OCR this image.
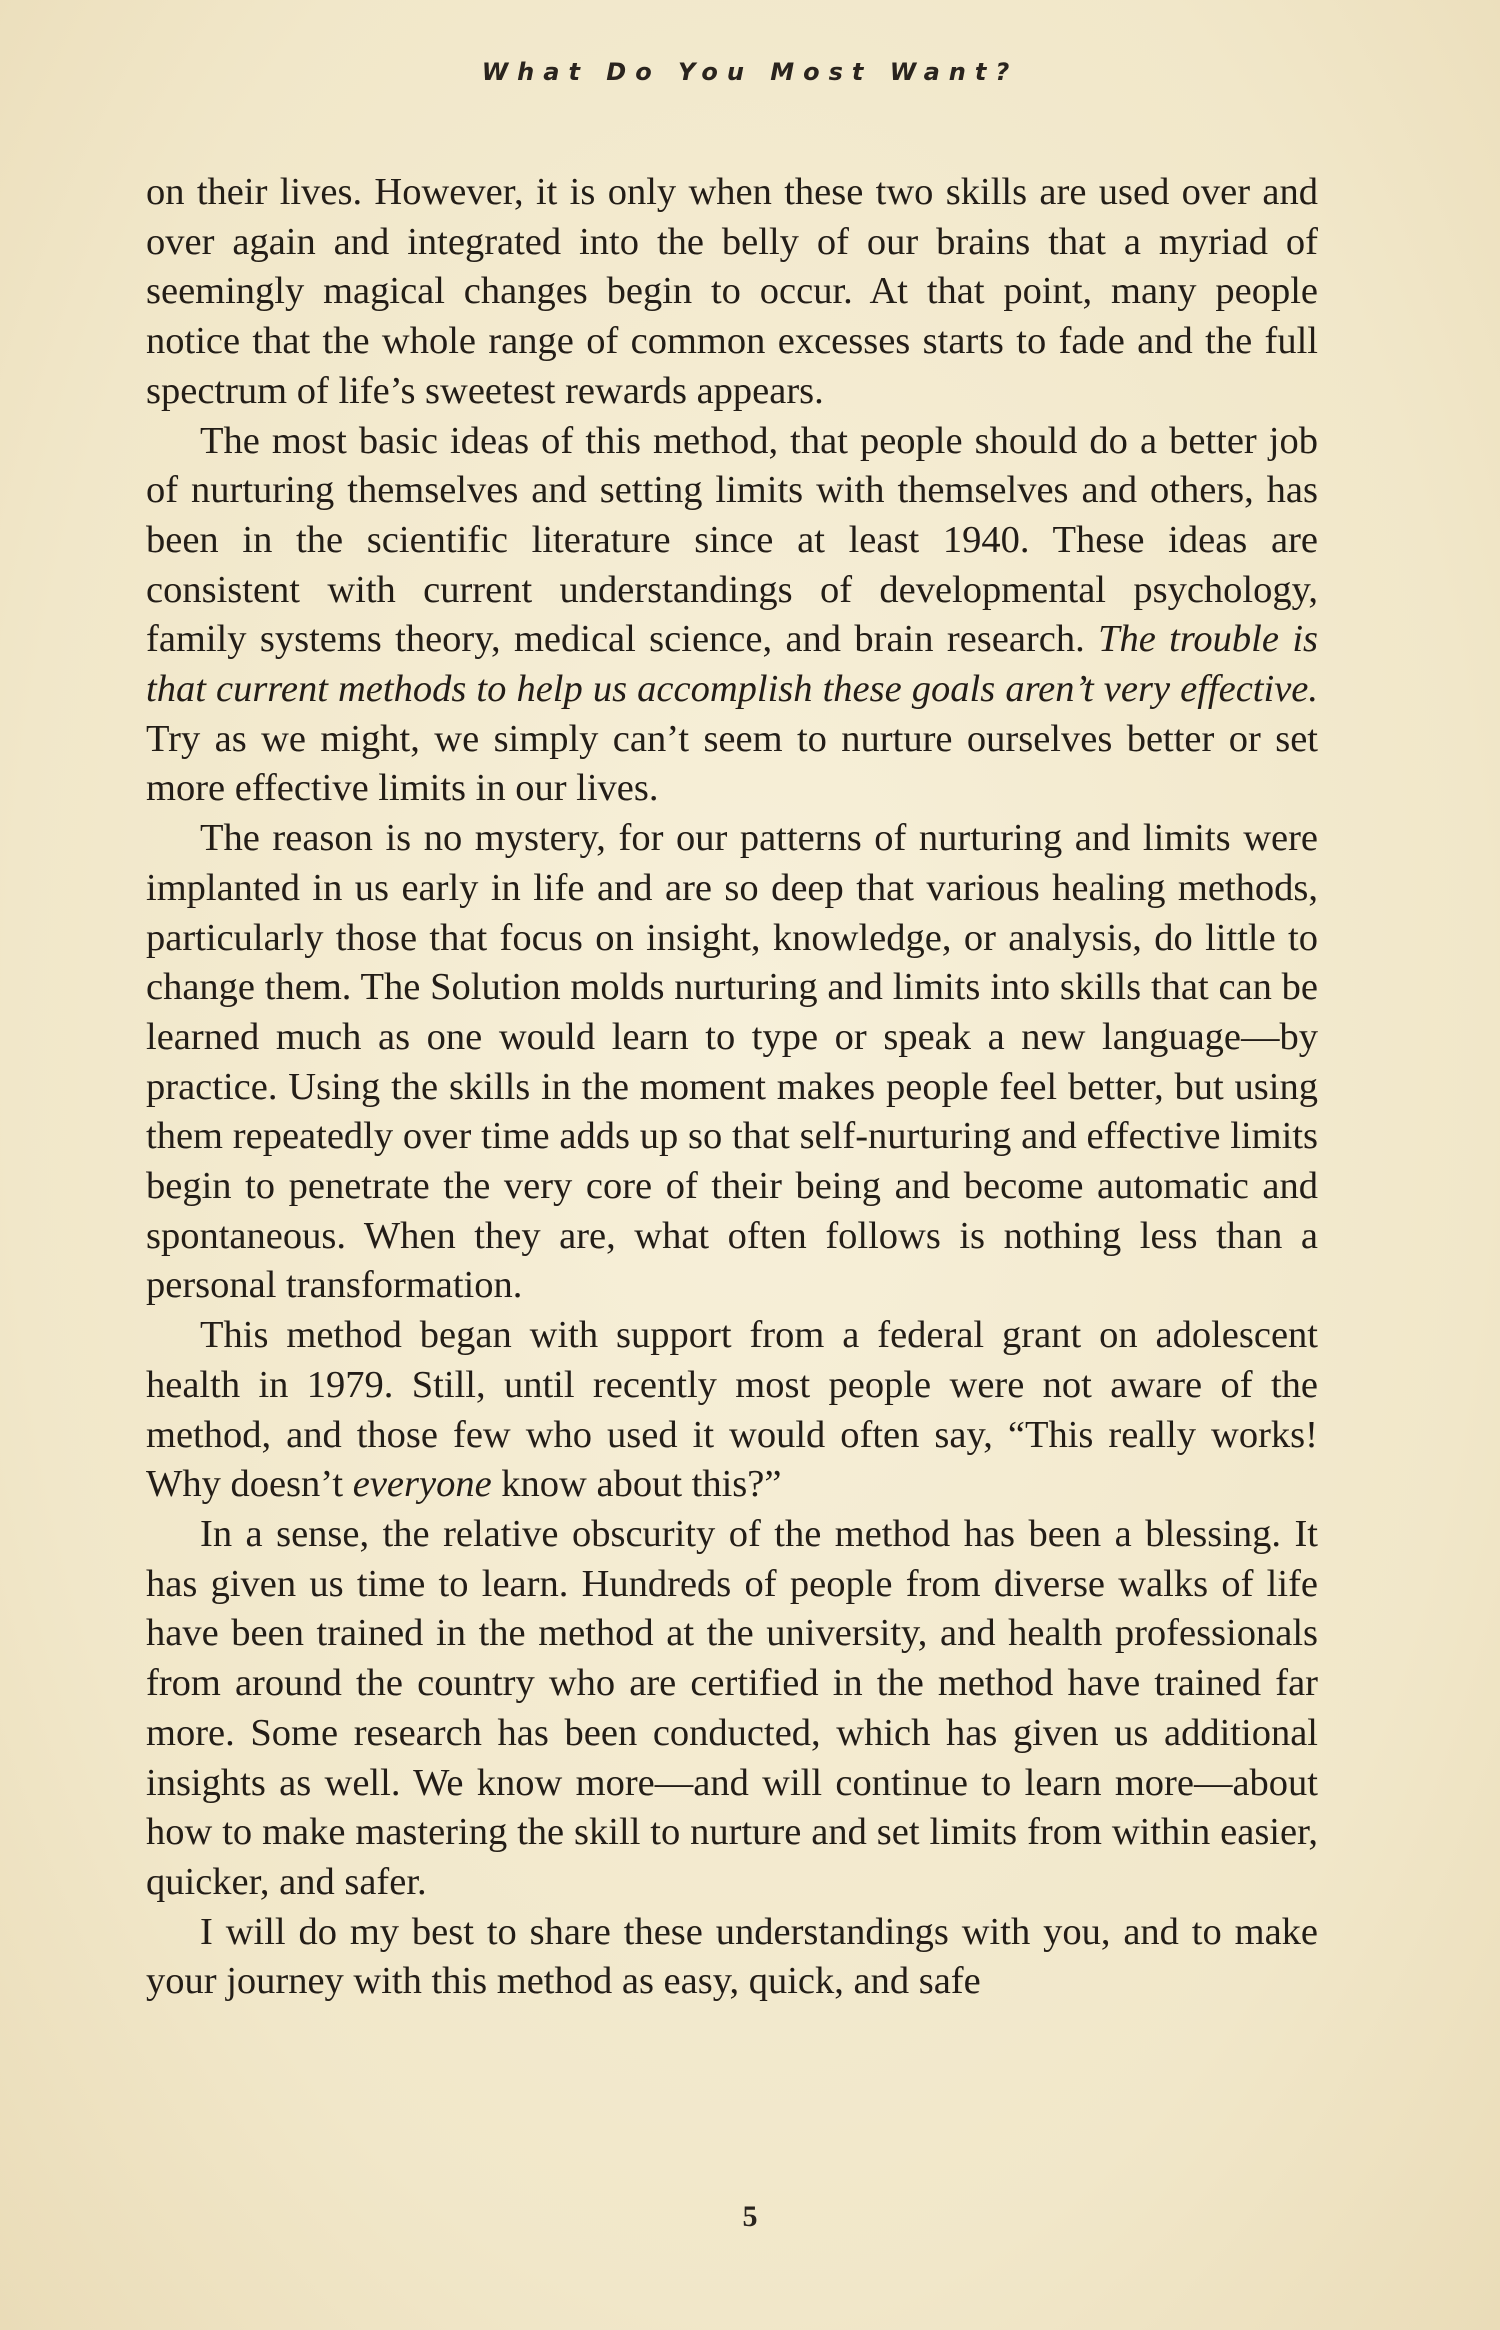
What Do You Most Want?

on their lives. However, it is only when these two skills are used over and over again and integrated into the belly of our brains that a myriad of seemingly magical changes begin to occur. At that point, many people notice that the whole range of common excesses starts to fade and the full spectrum of life’s sweetest rewards appears.

The most basic ideas of this method, that people should do a better job of nurturing themselves and setting limits with themselves and others, has been in the scientific literature since at least 1940. These ideas are consistent with current understandings of developmental psychology, family systems theory, medical science, and brain research. The trouble is that current methods to help us accomplish these goals aren’t very effective. Try as we might, we simply can’t seem to nurture ourselves better or set more effective limits in our lives.

The reason is no mystery, for our patterns of nurturing and limits were implanted in us early in life and are so deep that various healing methods, particularly those that focus on insight, knowledge, or analysis, do little to change them. The Solution molds nurturing and limits into skills that can be learned much as one would learn to type or speak a new language—by practice. Using the skills in the moment makes people feel better, but using them repeatedly over time adds up so that self-nurturing and effective limits begin to penetrate the very core of their being and become automatic and spontaneous. When they are, what often follows is nothing less than a personal transformation.

This method began with support from a federal grant on adolescent health in 1979. Still, until recently most people were not aware of the method, and those few who used it would often say, “This really works! Why doesn’t everyone know about this?”

In a sense, the relative obscurity of the method has been a blessing. It has given us time to learn. Hundreds of people from diverse walks of life have been trained in the method at the university, and health professionals from around the country who are certified in the method have trained far more. Some research has been conducted, which has given us additional insights as well. We know more—and will continue to learn more—about how to make mastering the skill to nurture and set limits from within easier, quicker, and safer.

I will do my best to share these understandings with you, and to make your journey with this method as easy, quick, and safe

5
